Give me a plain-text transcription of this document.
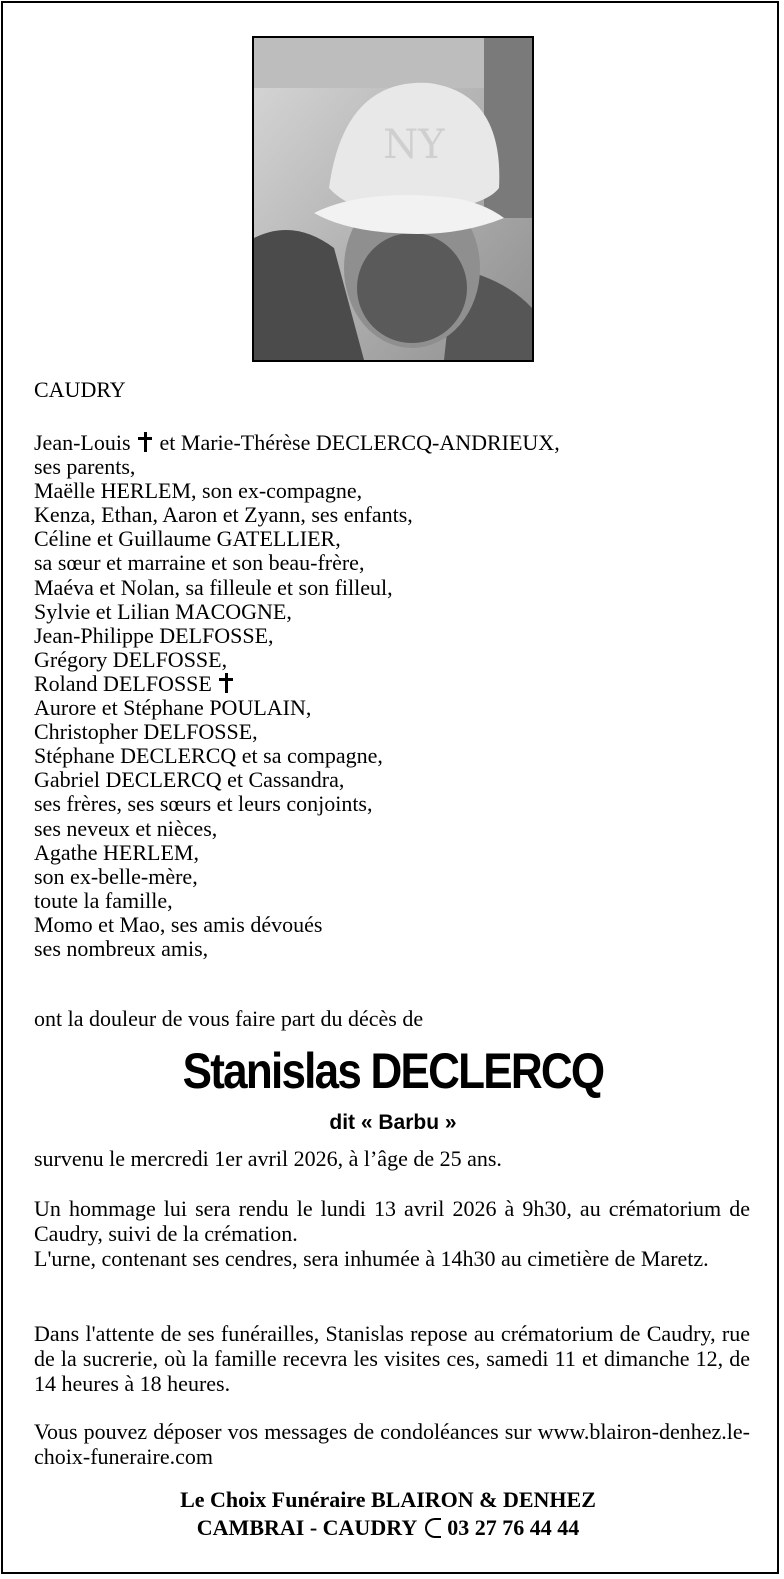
NY
CAUDRY
Jean-Louis et Marie-Thérèse DECLERCQ-ANDRIEUX,
ses parents,
Maëlle HERLEM, son ex-compagne,
Kenza, Ethan, Aaron et Zyann, ses enfants,
Céline et Guillaume GATELLIER,
sa sœur et marraine et son beau-frère,
Maéva et Nolan, sa filleule et son filleul,
Sylvie et Lilian MACOGNE,
Jean-Philippe DELFOSSE,
Grégory DELFOSSE,
Roland DELFOSSE
Aurore et Stéphane POULAIN,
Christopher DELFOSSE,
Stéphane DECLERCQ et sa compagne,
Gabriel DECLERCQ et Cassandra,
ses frères, ses sœurs et leurs conjoints,
ses neveux et nièces,
Agathe HERLEM,
son ex-belle-mère,
toute la famille,
Momo et Mao, ses amis dévoués
ses nombreux amis,
ont la douleur de vous faire part du décès de
Stanislas DECLERCQ
dit « Barbu »
survenu le mercredi 1er avril 2026, à l’âge de 25 ans.
Un hommage lui sera rendu le lundi 13 avril 2026 à 9h30, au crématorium de Caudry, suivi de la crémation.
L'urne, contenant ses cendres, sera inhumée à 14h30 au cimetière de Maretz.
Dans l'attente de ses funérailles, Stanislas repose au crématorium de Caudry, rue de la sucrerie, où la famille recevra les visites ces, samedi 11 et dimanche 12, de 14 heures à 18 heures.
Vous pouvez déposer vos messages de condoléances sur www.blairon-denhez.le-choix-funeraire.com
Le Choix Funéraire BLAIRON & DENHEZ
CAMBRAI - CAUDRY 03 27 76 44 44
